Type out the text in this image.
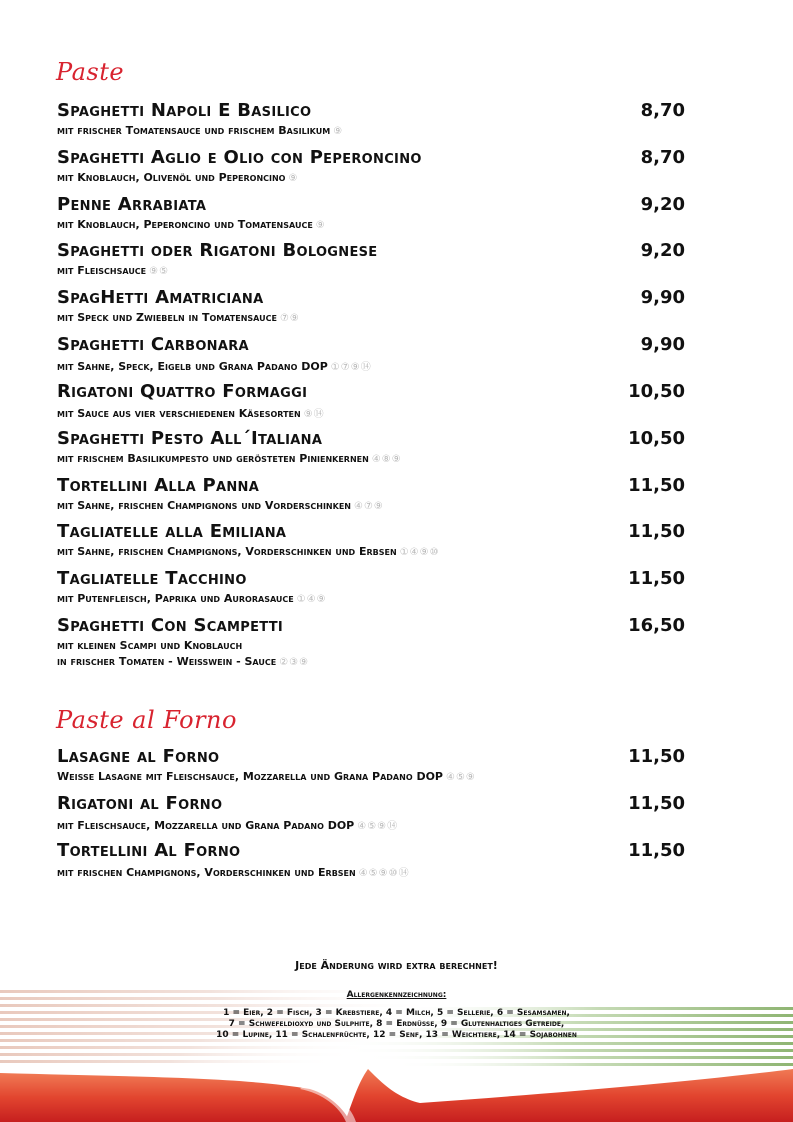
Paste
Spaghetti Napoli E Basilico	8,70
mit frischer Tomatensauce und frischem Basilikum ⑨
Spaghetti Aglio e Olio con Peperoncino	8,70
mit Knoblauch, Olivenöl und Peperoncino ⑨
Penne Arrabiata	9,20
mit Knoblauch, Peperoncino und Tomatensauce ⑨
Spaghetti oder Rigatoni Bolognese	9,20
mit Fleischsauce ⑨⑤
SpagHetti Amatriciana	9,90
mit Speck und Zwiebeln in Tomatensauce ⑦⑨
Spaghetti Carbonara	9,90
mit Sahne, Speck, Eigelb und Grana Padano DOP ①⑦⑨⑭
Rigatoni Quattro Formaggi	10,50
mit Sauce aus vier verschiedenen Käsesorten ⑨⑭
Spaghetti Pesto All´Italiana	10,50
mit frischem Basilikumpesto und gerösteten Pinienkernen ④⑧⑨
Tortellini Alla Panna	11,50
mit Sahne, frischen Champignons und Vorderschinken ④⑦⑨
Tagliatelle alla Emiliana	11,50
mit Sahne, frischen Champignons, Vorderschinken und Erbsen ①④⑨⑩
Tagliatelle Tacchino	11,50
mit Putenfleisch, Paprika und Aurorasauce ①④⑨
Spaghetti Con Scampetti	16,50
mit kleinen Scampi und Knoblauch
in frischer Tomaten - Weisswein - Sauce ②③⑨
Paste al Forno
Lasagne al Forno	11,50
Weisse Lasagne mit Fleischsauce, Mozzarella und Grana Padano DOP ④⑤⑨
Rigatoni al Forno	11,50
mit Fleischsauce, Mozzarella und Grana Padano DOP ④⑤⑨⑭
Tortellini Al Forno	11,50
mit frischen Champignons, Vorderschinken und Erbsen ④⑤⑨⑩⑭
Jede Änderung wird extra berechnet!
Allergenkennzeichnung:
1 = Eier, 2 = Fisch, 3 = Krebstiere, 4 = Milch, 5 = Sellerie, 6 = Sesamsamen,
7 = Schwefeldioxyd und Sulphite, 8 = Erdnüsse, 9 = Glutenhaltiges Getreide,
10 = Lupine, 11 = Schalenfrüchte, 12 = Senf, 13 = Weichtiere, 14 = Sojabohnen
